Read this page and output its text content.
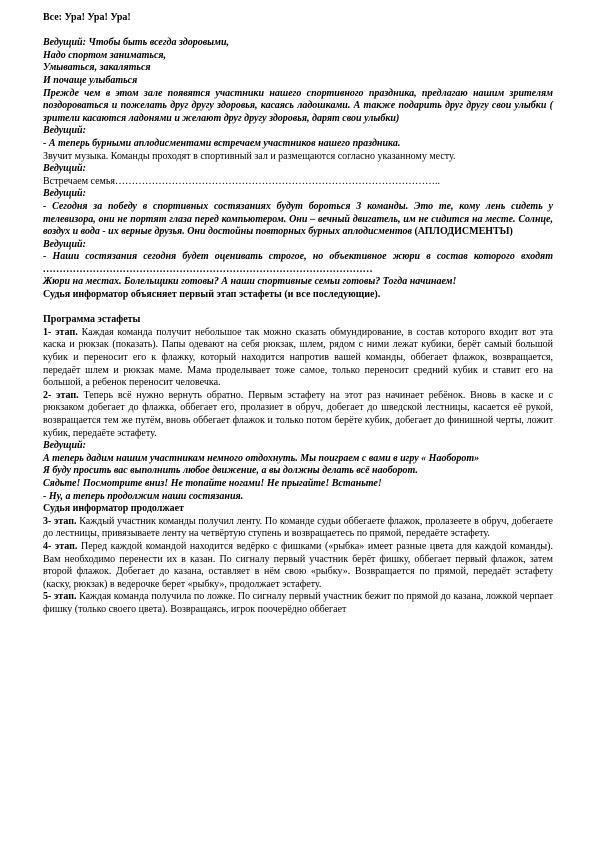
Все: Ура! Ура! Ура!

Ведущий: Чтобы быть всегда здоровыми,

Надо спортом заниматься,

Умываться, закаляться

И почаще улыбаться

Прежде чем в этом зале появятся участники нашего спортивного праздника, предлагаю нашим зрителям поздороваться и пожелать друг другу здоровья, касаясь ладошками. А также подарить друг другу свои улыбки ( зрители касаются ладонями и желают друг другу здоровья, дарят свои улыбки)

Ведущий:

- А теперь бурными аплодисментами встречаем участников нашего праздника.

Звучит музыка. Команды проходят в спортивный зал и размещаются согласно указанному месту.

Ведущий:

Встречаем семья……………………………………………………………………………………..

Ведущий:

- Сегодня за победу в спортивных состязаниях будут бороться 3 команды. Это те, кому лень сидеть у телевизора, они не портят глаза перед компьютером. Они – вечный двигатель, им не сидится на месте. Солнце, воздух и вода - их верные друзья. Они достойны повторных бурных аплодисментов (АПЛОДИСМЕНТЫ)

Ведущий:

- Наши состязания сегодня будет оценивать строгое, но объективное жюри в состав которого входят ………………………………………………………………………………………

Жюри на местах. Болельщики готовы? А наши спортивные семьи готовы? Тогда начинаем!

Судья информатор объясняет первый этап эстафеты (и все последующие).

Программа эстафеты

1- этап. Каждая команда получит небольшое так можно сказать обмундирование, в состав которого входит вот эта каска и рюкзак (показать). Папы одевают на себя рюкзак, шлем, рядом с ними лежат кубики, берёт самый большой кубик и переносит его к флажку, который находится напротив вашей команды, оббегает флажок, возвращается, передаёт шлем и рюкзак маме. Мама проделывает тоже самое, только переносит средний кубик и ставит его на большой, а ребенок переносит человечка.

2- этап. Теперь всё нужно вернуть обратно. Первым эстафету на этот раз начинает ребёнок. Вновь в каске и с рюкзаком добегает до флажка, оббегает его, пролазиет в обруч, добегает до шведской лестницы, касается её рукой, возвращается тем же путём, вновь оббегает флажок и только потом берёте кубик, добегает до финишной черты, ложит кубик, передаёте эстафету.

Ведущий:

А теперь дадим нашим участникам немного отдохнуть. Мы поиграем с вами в игру « Наоборот»

Я буду просить вас выполнить любое движение, а вы должны делать всё наоборот.

Сядьте! Посмотрите вниз! Не топайте ногами! Не прыгайте! Встаньте!

- Ну, а теперь продолжим наши состязания.

Судья информатор продолжает

3- этап. Каждый участник команды получил ленту. По команде судьи оббегаете флажок, пролазеете в обруч, добегаете до лестницы, привязываете ленту на четвёртую ступень и возвращаетесь по прямой, передаёте эстафету.

4- этап. Перед каждой командой находится ведёрко с фишками («рыбка» имеет разные цвета для каждой команды). Вам необходимо перенести их в казан. По сигналу первый участник берёт фишку, оббегает первый флажок, затем второй флажок. Добегает до казана, оставляет в нём свою «рыбку». Возвращается по прямой, передаёт эстафету (каску, рюкзак) в ведерочке берет «рыбку», продолжает эстафету.

5- этап. Каждая команда получила по ложке. По сигналу первый участник бежит по прямой до казана, ложкой черпает фишку (только своего цвета). Возвращаясь, игрок поочерёдно оббегает
